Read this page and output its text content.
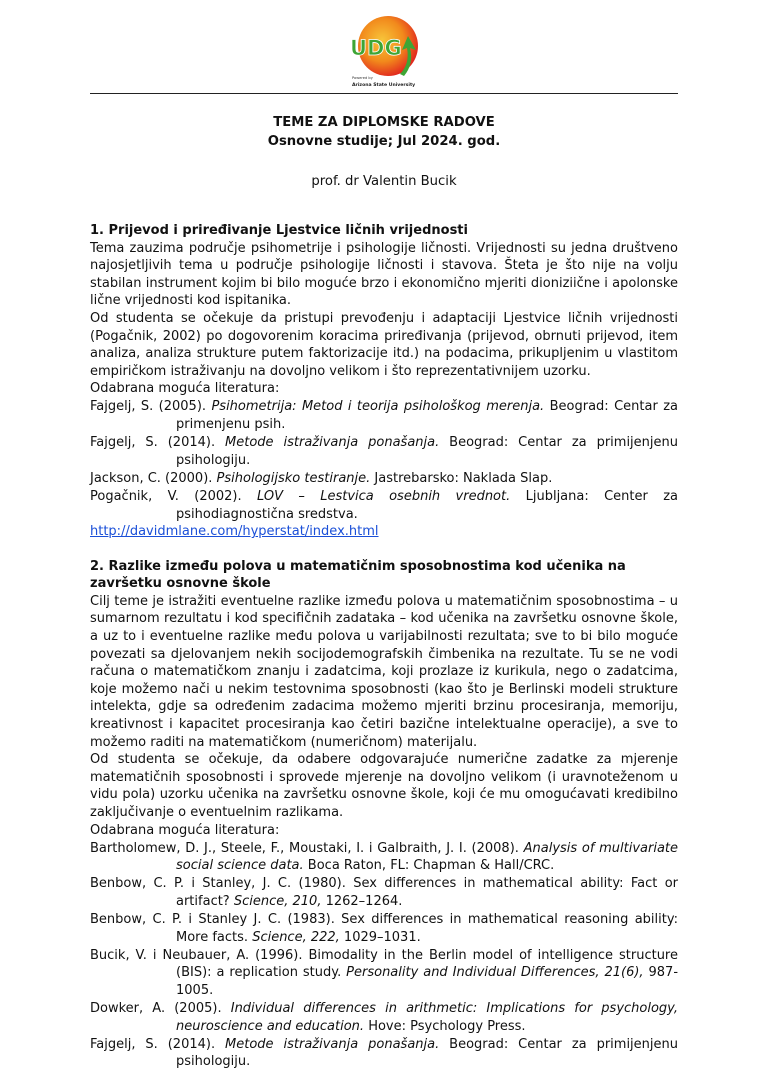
UDG
Powered by
Arizona State University
TEME ZA DIPLOMSKE RADOVE
Osnovne studije; Jul 2024. god.
prof. dr Valentin Bucik
1. Prijevod i priređivanje Ljestvice ličnih vrijednosti
Tema zauzima područje psihometrije i psihologije ličnosti. Vrijednosti su jedna društveno najosjetljivih tema u područje psihologije ličnosti i stavova. Šteta je što nije na volju stabilan instrument kojim bi bilo moguće brzo i ekonomično mjeriti dioniziične i apolonske lične vrijednosti kod ispitanika.
Od studenta se očekuje da pristupi prevođenju i adaptaciji Ljestvice ličnih vrijednosti (Pogačnik, 2002) po dogovorenim koracima priređivanja (prijevod, obrnuti prijevod, item analiza, analiza strukture putem faktorizacije itd.) na podacima, prikupljenim u vlastitom empiričkom istraživanju na dovoljno velikom i što reprezentativnijem uzorku.
Odabrana moguća literatura:
Fajgelj, S. (2005). Psihometrija: Metod i teorija psihološkog merenja. Beograd: Centar za primenjenu psih.
Fajgelj, S. (2014). Metode istraživanja ponašanja. Beograd: Centar za primijenjenu psihologiju.
Jackson, C. (2000). Psihologijsko testiranje. Jastrebarsko: Naklada Slap.
Pogačnik, V. (2002). LOV – Lestvica osebnih vrednot. Ljubljana: Center za psihodiagnostična sredstva.
http://davidmlane.com/hyperstat/index.html
2. Razlike između polova u matematičnim sposobnostima kod učenika na završetku osnovne škole
Cilj teme je istražiti eventuelne razlike između polova u matematičnim sposobnostima – u sumarnom rezultatu i kod specifičnih zadataka – kod učenika na završetku osnovne škole, a uz to i eventuelne razlike među polova u varijabilnosti rezultata; sve to bi bilo moguće povezati sa djelovanjem nekih socijodemografskih čimbenika na rezultate. Tu se ne vodi računa o matematičkom znanju i zadatcima, koji prozlaze iz kurikula, nego o zadatcima, koje možemo nači u nekim testovnima sposobnosti (kao što je Berlinski modeli strukture intelekta, gdje sa određenim zadacima možemo mjeriti brzinu procesiranja, memoriju, kreativnost i kapacitet procesiranja kao četiri bazične intelektualne operacije), a sve to možemo raditi na matematičkom (numeričnom) materijalu.
Od studenta se očekuje, da odabere odgovarajuće numerične zadatke za mjerenje matematičnih sposobnosti i sprovede mjerenje na dovoljno velikom (i uravnoteženom u vidu pola) uzorku učenika na završetku osnovne škole, koji će mu omogućavati kredibilno zaključivanje o eventuelnim razlikama.
Odabrana moguća literatura:
Bartholomew, D. J., Steele, F., Moustaki, I. i Galbraith, J. I. (2008). Analysis of multivariate social science data. Boca Raton, FL: Chapman & Hall/CRC.
Benbow, C. P. i Stanley, J. C. (1980). Sex differences in mathematical ability: Fact or artifact? Science, 210, 1262–1264.
Benbow, C. P. i Stanley J. C. (1983). Sex differences in mathematical reasoning ability: More facts. Science, 222, 1029–1031.
Bucik, V. i Neubauer, A. (1996). Bimodality in the Berlin model of intelligence structure (BIS): a replication study. Personality and Individual Differences, 21(6), 987-1005.
Dowker, A. (2005). Individual differences in arithmetic: Implications for psychology, neuroscience and education. Hove: Psychology Press.
Fajgelj, S. (2014). Metode istraživanja ponašanja. Beograd: Centar za primijenjenu psihologiju.
